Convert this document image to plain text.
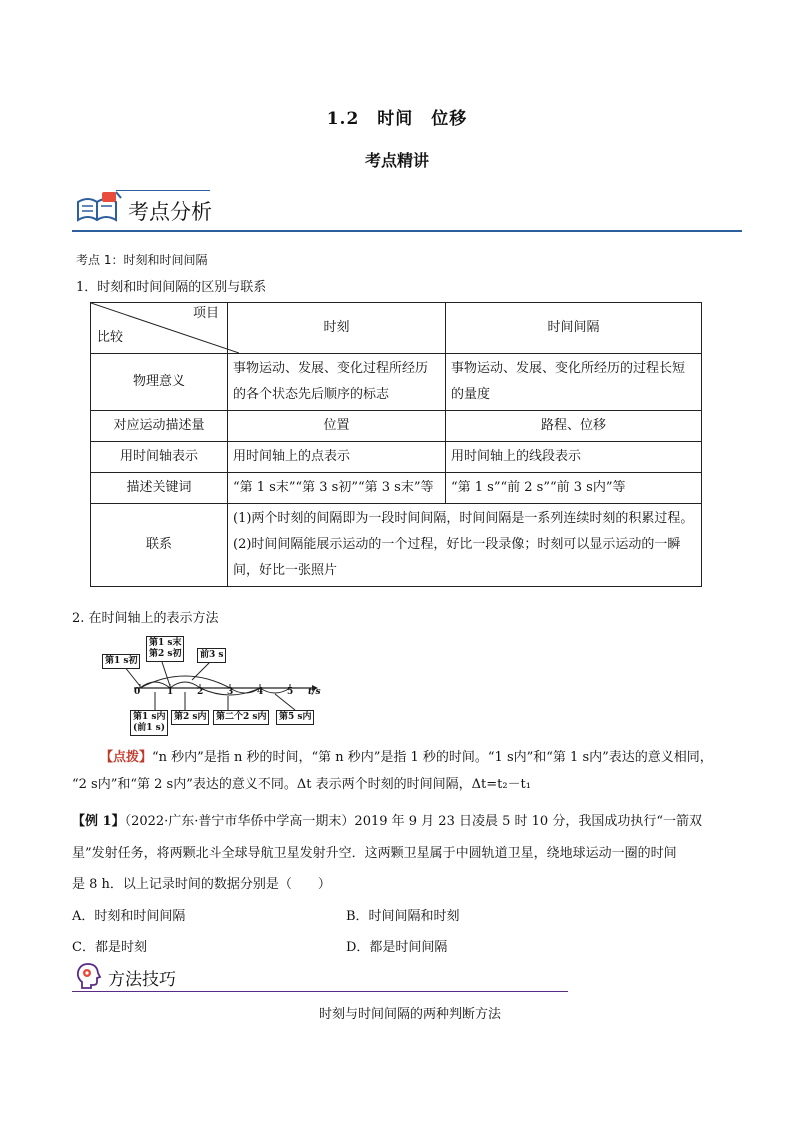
1.2　时间　位移
考点精讲
考点分析
考点 1：时刻和时间间隔
1．时刻和时间间隔的区别与联系
项目
比较	时刻	时间间隔
物理意义	事物运动、发展、变化过程所经历的各个状态先后顺序的标志	事物运动、发展、变化所经历的过程长短的量度
对应运动描述量	位置	路程、位移
用时间轴表示	用时间轴上的点表示	用时间轴上的线段表示
描述关键词	“第 1 s末”“第 3 s初”“第 3 s末”等	“第 1 s”“前 2 s”“前 3 s内”等
联系	(1)两个时刻的间隔即为一段时间间隔，时间间隔是一系列连续时刻的积累过程。
(2)时间间隔能展示运动的一个过程，好比一段录像；时刻可以显示运动的一瞬间，好比一张照片	
2. 在时间轴上的表示方法
0	1	2	3	4	5 t/s
第1 s初
第1 s末
第2 s初	前3 s
第1 s内
(前1 s)
第2 s内	第二个2 s内	第5 s内
【点拨】“n 秒内”是指 n 秒的时间，“第 n 秒内”是指 1 秒的时间。“1 s内”和“第 1 s内”表达的意义相同，
“2 s内”和“第 2 s内”表达的意义不同。Δt 表示两个时刻的时间间隔，Δt=t₂－t₁
【例 1】（2022·广东·普宁市华侨中学高一期末）2019 年 9 月 23 日凌晨 5 时 10 分，我国成功执行“一箭双
星”发射任务，将两颗北斗全球导航卫星发射升空．这两颗卫星属于中圆轨道卫星，绕地球运动一圈的时间
是 8 h．以上记录时间的数据分别是（　　）
A．时刻和时间间隔	B．时间间隔和时刻
C．都是时刻	D．都是时间间隔
方法技巧
时刻与时间间隔的两种判断方法
